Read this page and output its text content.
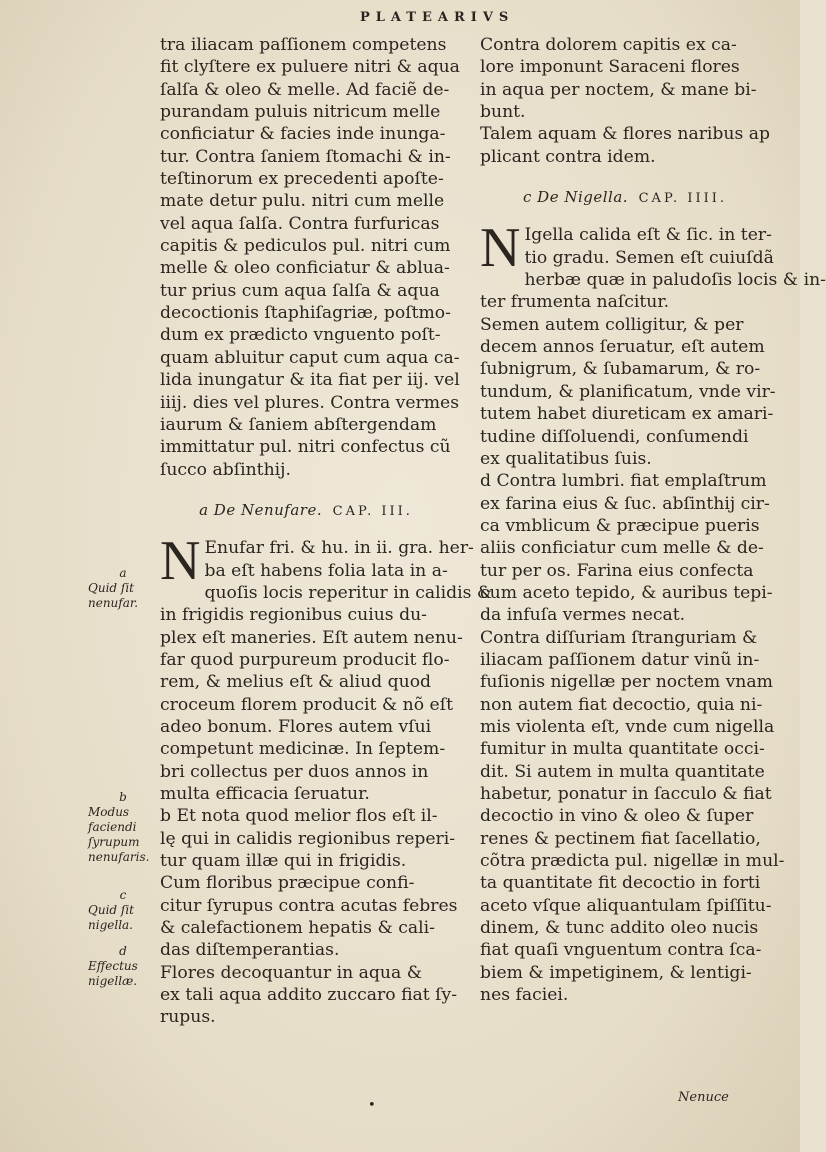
PLATEARIVS
tra iliacam paſſionem competens
fit clyſtere ex puluere nitri & aqua
ſalſa & oleo & melle. Ad faciẽ de-
purandam puluis nitricum melle
conficiatur & facies inde inunga-
tur. Contra ſaniem ſtomachi & in-
teſtinorum ex precedenti apoſte-
mate detur pulu. nitri cum melle
vel aqua ſalſa. Contra furfuricas
capitis & pediculos pul. nitri cum
melle & oleo conficiatur & ablua-
tur prius cum aqua ſalſa & aqua
decoctionis ſtaphiſagriæ, poſtmo-
dum ex prædicto vnguento poſt-
quam abluitur caput cum aqua ca-
lida inungatur & ita fiat per iij. vel
iiij. dies vel plures. Contra vermes
iaurum & ſaniem abſtergendam
immittatur pul. nitri confectus cũ
ſucco abſinthij.
a De Nenufare. CAP. III.
N Enufar fri. & hu. in ii. gra. her-
ba eſt habens folia lata in a-
quoſis locis reperitur in calidis &
in frigidis regionibus cuius du-
plex eſt maneries. Eſt autem nenu-
far quod purpureum producit flo-
rem, & melius eſt & aliud quod
croceum florem producit & nõ eſt
adeo bonum. Flores autem vſui
competunt medicinæ. In ſeptem-
bri collectus per duos annos in
multa efficacia ſeruatur.
b Et nota quod melior flos eſt il-
lę qui in calidis regionibus reperi-
tur quam illæ qui in frigidis.
Cum floribus præcipue confi-
citur ſyrupus contra acutas febres
& calefactionem hepatis & cali-
das diſtemperantias.
Flores decoquantur in aqua &
ex tali aqua addito zuccaro fiat ſy-
rupus.
Contra dolorem capitis ex ca-
lore imponunt Saraceni flores
in aqua per noctem, & mane bi-
bunt.
Talem aquam & flores naribus ap
plicant contra idem.
c De Nigella. CAP. IIII.
N Igella calida eſt & ſic. in ter-
tio gradu. Semen eſt cuiuſdã
herbæ quæ in paludoſis locis & in-
ter frumenta naſcitur.
Semen autem colligitur, & per
decem annos ſeruatur, eſt autem
ſubnigrum, & ſubamarum, & ro-
tundum, & planificatum, vnde vir-
tutem habet diureticam ex amari-
tudine diſſoluendi, conſumendi
ex qualitatibus ſuis.
d Contra lumbri. fiat emplaſtrum
ex farina eius & ſuc. abſinthij cir-
ca vmblicum & præcipue pueris
aliis conficiatur cum melle & de-
tur per os. Farina eius confecta
cum aceto tepido, & auribus tepi-
da infuſa vermes necat.
Contra diſſuriam ſtranguriam &
iliacam paſſionem datur vinũ in-
fuſionis nigellæ per noctem vnam
non autem fiat decoctio, quia ni-
mis violenta eſt, vnde cum nigella
fumitur in multa quantitate occi-
dit. Si autem in multa quantitate
habetur, ponatur in ſacculo & fiat
decoctio in vino & oleo & ſuper
renes & pectinem fiat ſacellatio,
cõtra prædicta pul. nigellæ in mul-
ta quantitate fit decoctio in forti
aceto vſque aliquantulam ſpiſſitu-
dinem, & tunc addito oleo nucis
fiat quaſi vnguentum contra ſca-
biem & impetiginem, & lentigi-
nes faciei.
a
Quid ſit nenufar.
b
Modus faciendi ſyrupum nenufaris.
c
Quid ſit nigella.
d
Effectus nigellæ.
•
Nenuce
